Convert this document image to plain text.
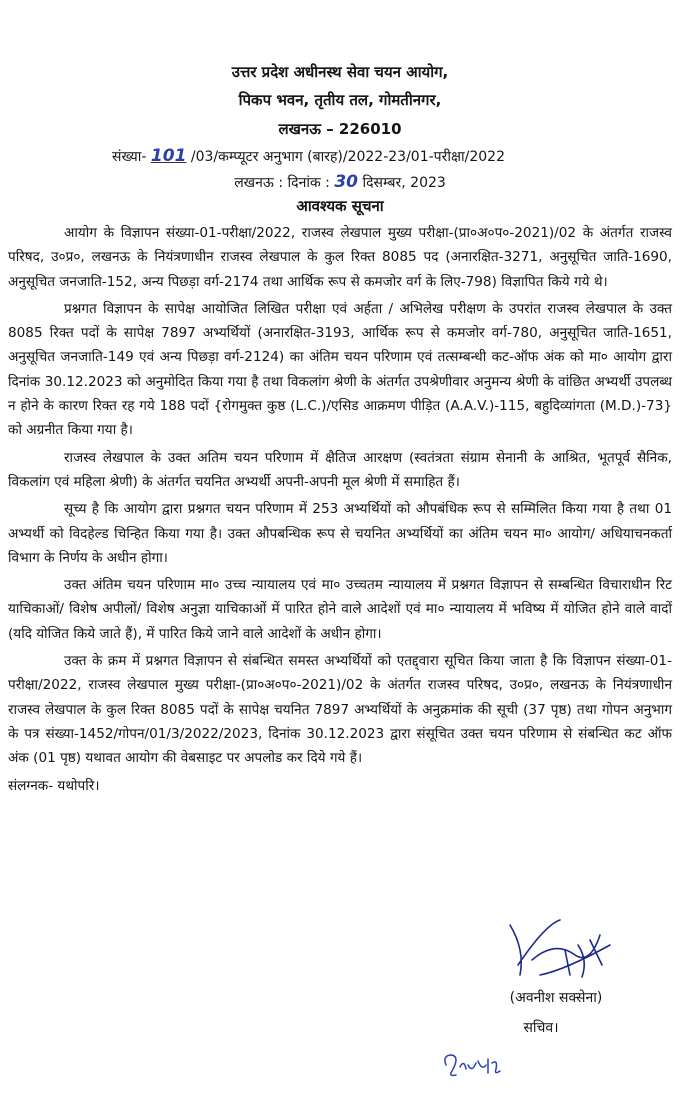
उत्तर प्रदेश अधीनस्थ सेवा चयन आयोग,
पिकप भवन, तृतीय तल, गोमतीनगर,
लखनऊ – 226010
संख्या- 101 /03/कम्प्यूटर अनुभाग (बारह)/2022-23/01-परीक्षा/2022
लखनऊ : दिनांक : 30 दिसम्बर, 2023
आवश्यक सूचना

आयोग के विज्ञापन संख्या-01-परीक्षा/2022, राजस्व लेखपाल मुख्य परीक्षा-(प्रा०अ०प०-2021)/02 के अंतर्गत राजस्व परिषद, उ०प्र०, लखनऊ के नियंत्रणाधीन राजस्व लेखपाल के कुल रिक्त 8085 पद (अनारक्षित-3271, अनुसूचित जाति-1690, अनुसूचित जनजाति-152, अन्य पिछड़ा वर्ग-2174 तथा आर्थिक रूप से कमजोर वर्ग के लिए-798) विज्ञापित किये गये थे।

प्रश्नगत विज्ञापन के सापेक्ष आयोजित लिखित परीक्षा एवं अर्हता / अभिलेख परीक्षण के उपरांत राजस्व लेखपाल के उक्त 8085 रिक्त पदों के सापेक्ष 7897 अभ्यर्थियों (अनारक्षित-3193, आर्थिक रूप से कमजोर वर्ग-780, अनुसूचित जाति-1651, अनुसूचित जनजाति-149 एवं अन्य पिछड़ा वर्ग-2124) का अंतिम चयन परिणाम एवं तत्सम्बन्धी कट-ऑफ अंक को मा० आयोग द्वारा दिनांक 30.12.2023 को अनुमोदित किया गया है तथा विकलांग श्रेणी के अंतर्गत उपश्रेणीवार अनुमन्य श्रेणी के वांछित अभ्यर्थी उपलब्ध न होने के कारण रिक्त रह गये 188 पदों {रोगमुक्त कुष्ठ (L.C.)/एसिड आक्रमण पीड़ित (A.A.V.)-115, बहुदिव्यांगता (M.D.)-73} को अग्रनीत किया गया है।

राजस्व लेखपाल के उक्त अतिम चयन परिणाम में क्षैतिज आरक्षण (स्वतंत्रता संग्राम सेनानी के आश्रित, भूतपूर्व सैनिक, विकलांग एवं महिला श्रेणी) के अंतर्गत चयनित अभ्यर्थी अपनी-अपनी मूल श्रेणी में समाहित हैं।

सूच्य है कि आयोग द्वारा प्रश्नगत चयन परिणाम में 253 अभ्यर्थियों को औपबंधिक रूप से सम्मिलित किया गया है तथा 01 अभ्यर्थी को विदहेल्ड चिन्हित किया गया है। उक्त औपबन्धिक रूप से चयनित अभ्यर्थियों का अंतिम चयन मा० आयोग/ अधियाचनकर्ता विभाग के निर्णय के अधीन होगा।

उक्त अंतिम चयन परिणाम मा० उच्च न्यायालय एवं मा० उच्चतम न्यायालय में प्रश्नगत विज्ञापन से सम्बन्धित विचाराधीन रिट याचिकाओं/ विशेष अपीलों/ विशेष अनुज्ञा याचिकाओं में पारित होने वाले आदेशों एवं मा० न्यायालय में भविष्य में योजित होने वाले वादों (यदि योजित किये जाते हैं), में पारित किये जाने वाले आदेशों के अधीन होगा।

उक्त के क्रम में प्रश्नगत विज्ञापन से संबन्धित समस्त अभ्यर्थियों को एतद्द्वारा सूचित किया जाता है कि विज्ञापन संख्या-01-परीक्षा/2022, राजस्व लेखपाल मुख्य परीक्षा-(प्रा०अ०प०-2021)/02 के अंतर्गत राजस्व परिषद, उ०प्र०, लखनऊ के नियंत्रणाधीन राजस्व लेखपाल के कुल रिक्त 8085 पदों के सापेक्ष चयनित 7897 अभ्यर्थियों के अनुक्रमांक की सूची (37 पृष्ठ) तथा गोपन अनुभाग के पत्र संख्या-1452/गोपन/01/3/2022/2023, दिनांक 30.12.2023 द्वारा संसूचित उक्त चयन परिणाम से संबन्धित कट ऑफ अंक (01 पृष्ठ) यथावत आयोग की वेबसाइट पर अपलोड कर दिये गये हैं।

संलग्नक- यथोपरि।

(अवनीश सक्सेना)
सचिव।
